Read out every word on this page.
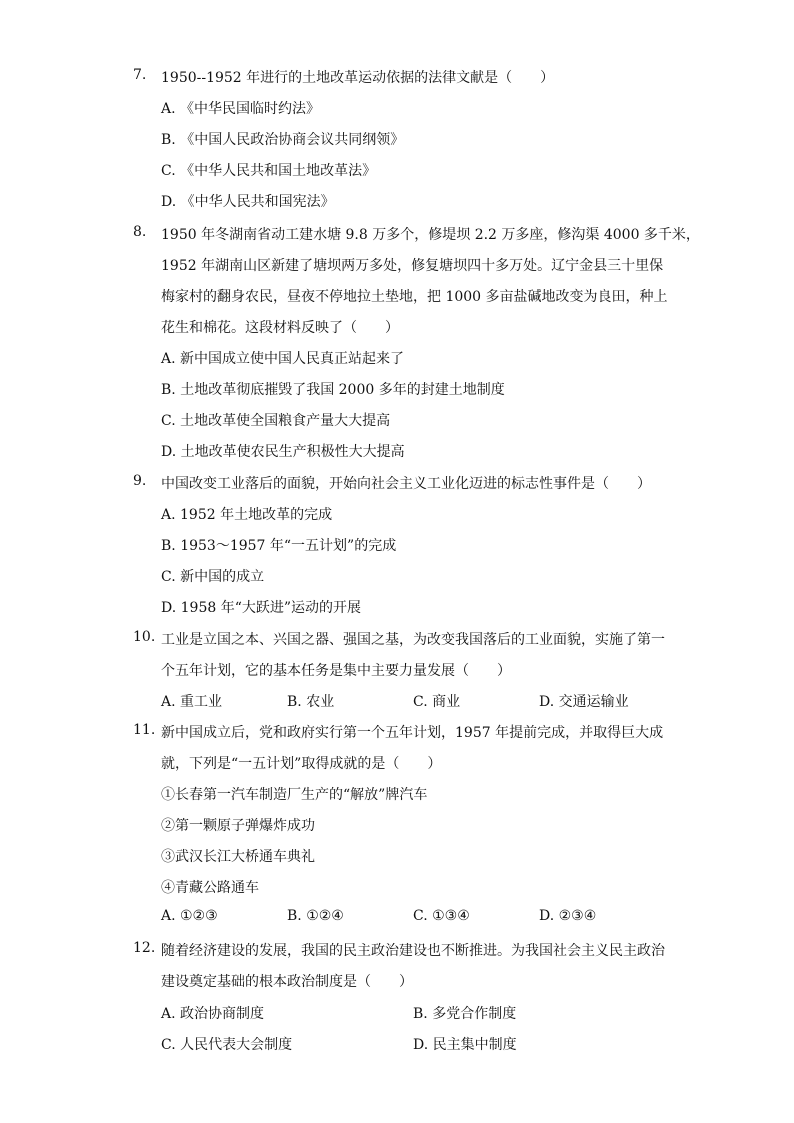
7.	1950--1952 年进行的土地改革运动依据的法律文献是（　　）
A. 《中华民国临时约法》
B. 《中国人民政治协商会议共同纲领》
C. 《中华人民共和国土地改革法》
D. 《中华人民共和国宪法》
8.	1950 年冬湖南省动工建水塘 9.8 万多个，修堤坝 2.2 万多座，修沟渠 4000 多千米，
1952 年湖南山区新建了塘坝两万多处，修复塘坝四十多万处。辽宁金县三十里保
梅家村的翻身农民，昼夜不停地拉土垫地，把 1000 多亩盐碱地改变为良田，种上
花生和棉花。这段材料反映了（　　）
A. 新中国成立使中国人民真正站起来了
B. 土地改革彻底摧毁了我国 2000 多年的封建土地制度
C. 土地改革使全国粮食产量大大提高
D. 土地改革使农民生产积极性大大提高
9.	中国改变工业落后的面貌，开始向社会主义工业化迈进的标志性事件是（　　）
A. 1952 年土地改革的完成
B. 1953～1957 年“一五计划”的完成
C. 新中国的成立
D. 1958 年“大跃进”运动的开展
10. 工业是立国之本、兴国之器、强国之基，为改变我国落后的工业面貌，实施了第一
个五年计划，它的基本任务是集中主要力量发展（　　）
A. 重工业	B. 农业	C. 商业	D. 交通运输业
11. 新中国成立后，党和政府实行第一个五年计划，1957 年提前完成，并取得巨大成
就，下列是“一五计划”取得成就的是（　　）
①长春第一汽车制造厂生产的“解放”牌汽车
②第一颗原子弹爆炸成功
③武汉长江大桥通车典礼
④青藏公路通车
A. ①②③	B. ①②④	C. ①③④	D. ②③④
12. 随着经济建设的发展，我国的民主政治建设也不断推进。为我国社会主义民主政治
建设奠定基础的根本政治制度是（　　）
A. 政治协商制度	B. 多党合作制度
C. 人民代表大会制度	D. 民主集中制度
